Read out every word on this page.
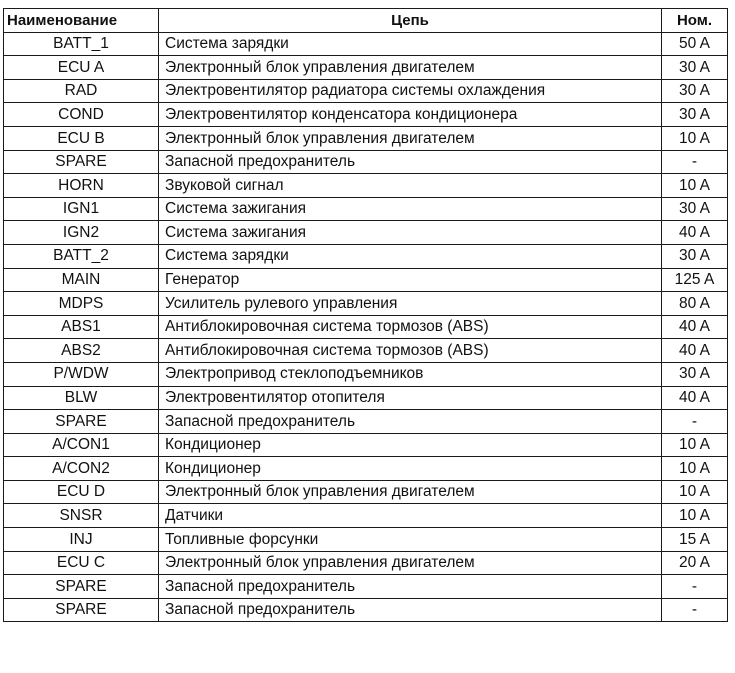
Наименование	Цепь	Ном.
BATT_1	Система зарядки	50 A
ECU A	Электронный блок управления двигателем	30 A
RAD	Электровентилятор радиатора системы охлаждения	30 A
COND	Электровентилятор конденсатора кондиционера	30 A
ECU B	Электронный блок управления двигателем	10 A
SPARE	Запасной предохранитель	-
HORN	Звуковой сигнал	10 A
IGN1	Система зажигания	30 A
IGN2	Система зажигания	40 A
BATT_2	Система зарядки	30 A
MAIN	Генератор	125 A
MDPS	Усилитель рулевого управления	80 A
ABS1	Антиблокировочная система тормозов (ABS)	40 A
ABS2	Антиблокировочная система тормозов (ABS)	40 A
P/WDW	Электропривод стеклоподъемников	30 A
BLW	Электровентилятор отопителя	40 A
SPARE	Запасной предохранитель	-
A/CON1	Кондиционер	10 A
A/CON2	Кондиционер	10 A
ECU D	Электронный блок управления двигателем	10 A
SNSR	Датчики	10 A
INJ	Топливные форсунки	15 A
ECU C	Электронный блок управления двигателем	20 A
SPARE	Запасной предохранитель	-
SPARE	Запасной предохранитель	-
